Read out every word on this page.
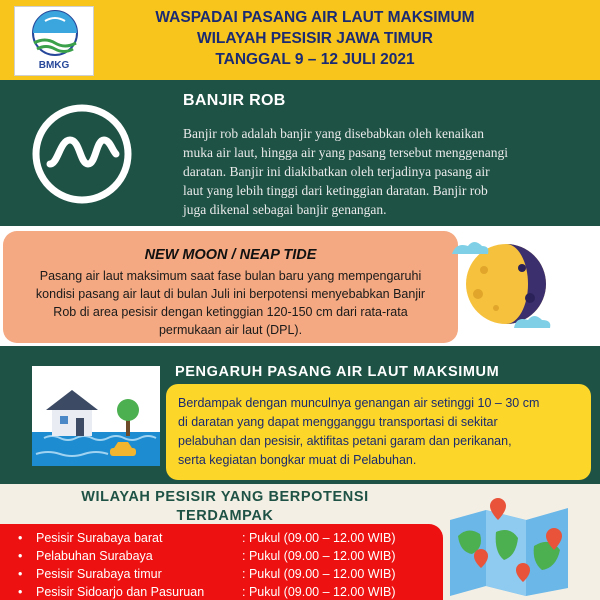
BMKG
WASPADAI PASANG AIR LAUT MAKSIMUM
WILAYAH PESISIR JAWA TIMUR
TANGGAL 9 – 12 JULI 2021
BANJIR ROB
Banjir rob adalah banjir yang disebabkan oleh kenaikan
muka air laut, hingga air yang pasang tersebut menggenangi
daratan. Banjir ini diakibatkan oleh terjadinya pasang air
laut yang lebih tinggi dari ketinggian daratan. Banjir rob
juga dikenal sebagai banjir genangan.
NEW MOON / NEAP TIDE
Pasang air laut maksimum saat fase bulan baru yang mempengaruhi
kondisi pasang air laut di bulan Juli ini berpotensi menyebabkan Banjir
Rob di area pesisir dengan ketinggian 120-150 cm dari rata-rata
permukaan air laut (DPL).
PENGARUH PASANG AIR LAUT MAKSIMUM
Berdampak dengan munculnya genangan air setinggi 10 – 30 cm
di daratan yang dapat mengganggu transportasi di sekitar
pelabuhan dan pesisir, aktifitas petani garam dan perikanan,
serta kegiatan bongkar muat di Pelabuhan.
WILAYAH PESISIR YANG BERPOTENSI
TERDAMPAK
• Pesisir Surabaya barat	: Pukul (09.00 – 12.00 WIB)
• Pelabuhan Surabaya	: Pukul (09.00 – 12.00 WIB)
• Pesisir Surabaya timur	: Pukul (09.00 – 12.00 WIB)
• Pesisir Sidoarjo dan Pasuruan	: Pukul (09.00 – 12.00 WIB)
